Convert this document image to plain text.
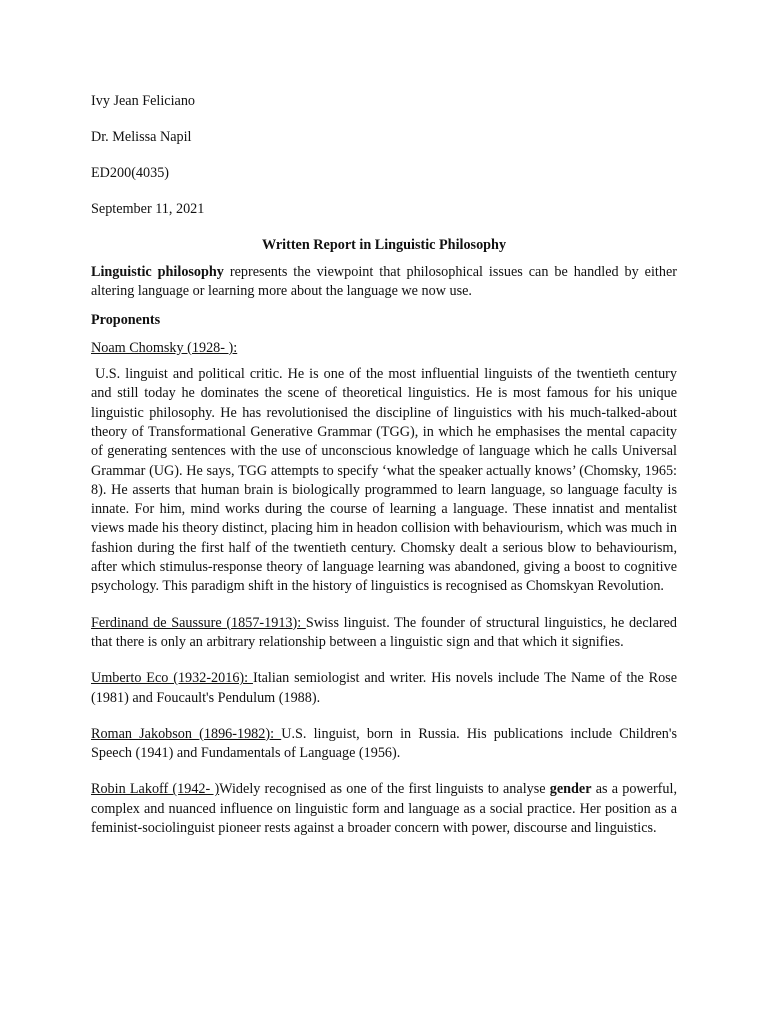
Ivy Jean Feliciano
Dr. Melissa Napil
ED200(4035)
September 11, 2021
Written Report in Linguistic Philosophy

Linguistic philosophy represents the viewpoint that philosophical issues can be handled by either altering language or learning more about the language we now use.

Proponents
Noam Chomsky (1928- ):

U.S. linguist and political critic. He is one of the most influential linguists of the twentieth century and still today he dominates the scene of theoretical linguistics. He is most famous for his unique linguistic philosophy. He has revolutionised the discipline of linguistics with his much-talked-about theory of Transformational Generative Grammar (TGG), in which he emphasises the mental capacity of generating sentences with the use of unconscious knowledge of language which he calls Universal Grammar (UG). He says, TGG attempts to specify ‘what the speaker actually knows’ (Chomsky, 1965: 8). He asserts that human brain is biologically programmed to learn language, so language faculty is innate. For him, mind works during the course of learning a language. These innatist and mentalist views made his theory distinct, placing him in headon collision with behaviourism, which was much in fashion during the first half of the twentieth century. Chomsky dealt a serious blow to behaviourism, after which stimulus-response theory of language learning was abandoned, giving a boost to cognitive psychology. This paradigm shift in the history of linguistics is recognised as Chomskyan Revolution.

Ferdinand de Saussure (1857-1913): Swiss linguist. The founder of structural linguistics, he declared that there is only an arbitrary relationship between a linguistic sign and that which it signifies.

Umberto Eco (1932-2016): Italian semiologist and writer. His novels include The Name of the Rose (1981) and Foucault's Pendulum (1988).

Roman Jakobson (1896-1982): U.S. linguist, born in Russia. His publications include Children's Speech (1941) and Fundamentals of Language (1956).

Robin Lakoff (1942- )Widely recognised as one of the first linguists to analyse gender as a powerful, complex and nuanced influence on linguistic form and language as a social practice. Her position as a feminist-sociolinguist pioneer rests against a broader concern with power, discourse and linguistics.
